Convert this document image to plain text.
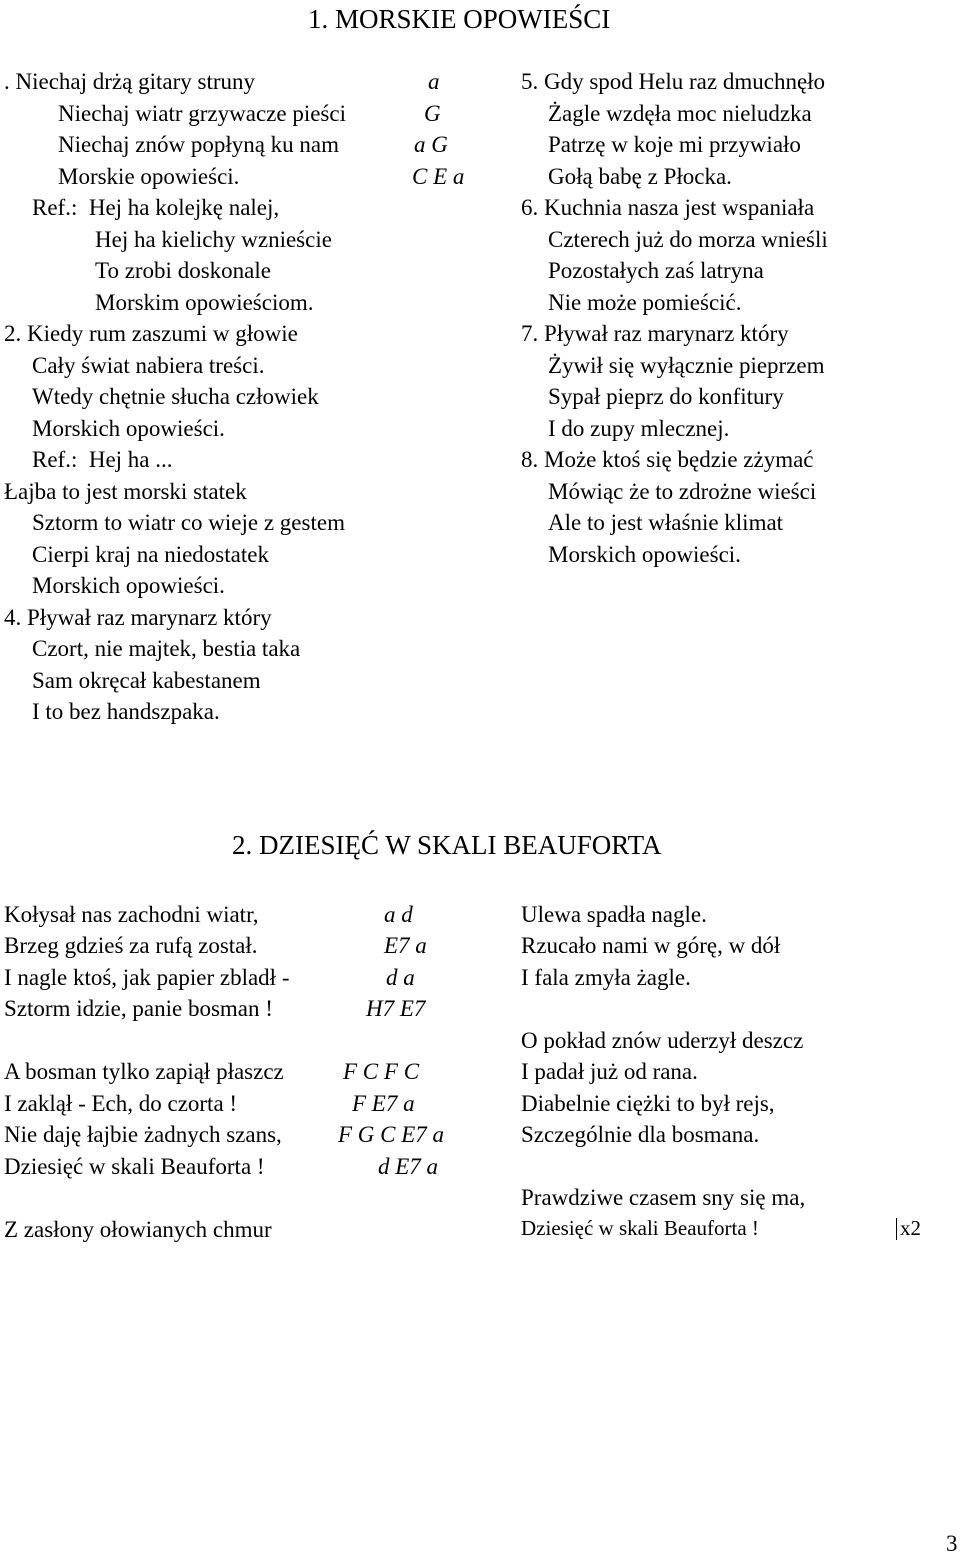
1. MORSKIE OPOWIEŚCI
. Niechaj drżą gitary struny
Niechaj wiatr grzywacze pieści
Niechaj znów popłyną ku nam
Morskie opowieści.
Ref.:  Hej ha kolejkę nalej,
Hej ha kielichy wznieście
To zrobi doskonale
Morskim opowieściom.
2. Kiedy rum zaszumi w głowie
Cały świat nabiera treści.
Wtedy chętnie słucha człowiek
Morskich opowieści.
Ref.:  Hej ha ...
Łajba to jest morski statek
Sztorm to wiatr co wieje z gestem
Cierpi kraj na niedostatek
Morskich opowieści.
4. Pływał raz marynarz który
Czort, nie majtek, bestia taka
Sam okręcał kabestanem
I to bez handszpaka.
a
G
a G
C E a
5. Gdy spod Helu raz dmuchnęło
Żagle wzdęła moc nieludzka
Patrzę w koje mi przywiało
Gołą babę z Płocka.
6. Kuchnia nasza jest wspaniała
Czterech już do morza wnieśli
Pozostałych zaś latryna
Nie może pomieścić.
7. Pływał raz marynarz który
Żywił się wyłącznie pieprzem
Sypał pieprz do konfitury
I do zupy mlecznej.
8. Może ktoś się będzie zżymać
Mówiąc że to zdrożne wieści
Ale to jest właśnie klimat
Morskich opowieści.
2. DZIESIĘĆ W SKALI BEAUFORTA
Kołysał nas zachodni wiatr,
Brzeg gdzieś za rufą został.
I nagle ktoś, jak papier zbladł -
Sztorm idzie, panie bosman !
A bosman tylko zapiął płaszcz
I zaklął - Ech, do czorta !
Nie daję łajbie żadnych szans,
Dziesięć w skali Beauforta !
Z zasłony ołowianych chmur
a d
E7 a
d a
H7 E7
F C F C
F E7 a
F G C E7 a
d E7 a
Ulewa spadła nagle.
Rzucało nami w górę, w dół
I fala zmyła żagle.
O pokład znów uderzył deszcz
I padał już od rana.
Diabelnie ciężki to był rejs,
Szczególnie dla bosmana.
Prawdziwe czasem sny się ma,
Dziesięć w skali Beauforta !	x2
3
